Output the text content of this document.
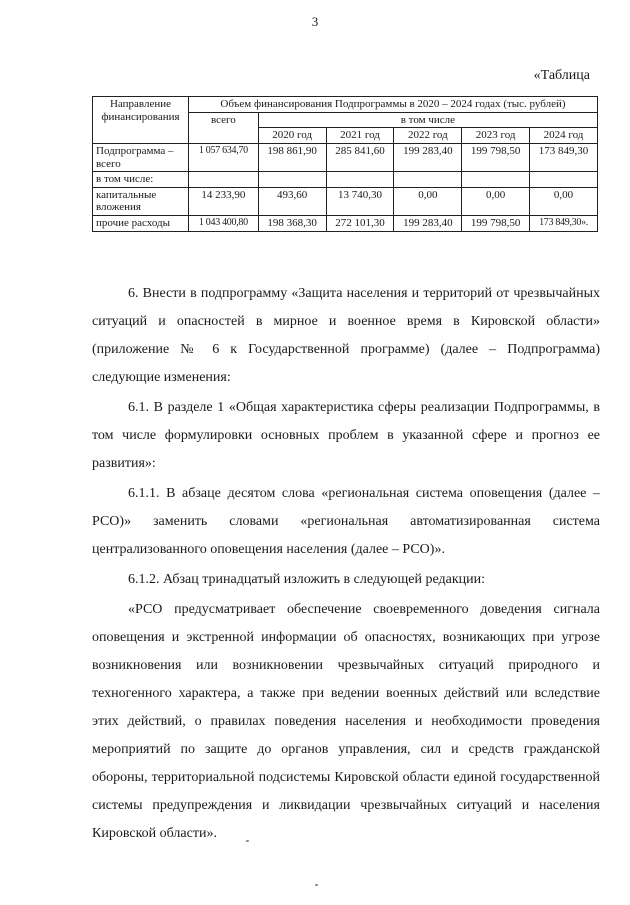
3
«Таблица
Направление финансирования	Объем финансирования Подпрограммы в 2020 – 2024 годах (тыс. рублей)					
	всего	в том числе				
		2020 год	2021 год	2022 год	2023 год	2024 год
Подпрограмма – всего	1 057 634,70	198 861,90	285 841,60	199 283,40	199 798,50	173 849,30
в том числе:						
капитальные вложения	14 233,90	493,60	13 740,30	0,00	0,00	0,00
прочие расходы	1 043 400,80	198 368,30	272 101,30	199 283,40	199 798,50	173 849,30».

6. Внести в подпрограмму «Защита населения и территорий от чрезвычайных ситуаций и опасностей в мирное и военное время в Кировской области» (приложение № 6 к Государственной программе) (далее – Подпрограмма) следующие изменения:

6.1. В разделе 1 «Общая характеристика сферы реализации Подпрограммы, в том числе формулировки основных проблем в указанной сфере и прогноз ее развития»:

6.1.1. В абзаце десятом слова «региональная система оповещения (далее – РСО)» заменить словами «региональная автоматизированная система централизованного оповещения населения (далее – РСО)».

6.1.2. Абзац тринадцатый изложить в следующей редакции:

«РСО предусматривает обеспечение своевременного доведения сигнала оповещения и экстренной информации об опасностях, возникающих при угрозе возникновения или возникновении чрезвычайных ситуаций природного и техногенного характера, а также при ведении военных действий или вследствие этих действий, о правилах поведения населения и необходимости проведения мероприятий по защите до органов управления, сил и средств гражданской обороны, территориальной подсистемы Кировской области единой государственной системы предупреждения и ликвидации чрезвычайных ситуаций и населения Кировской области».
